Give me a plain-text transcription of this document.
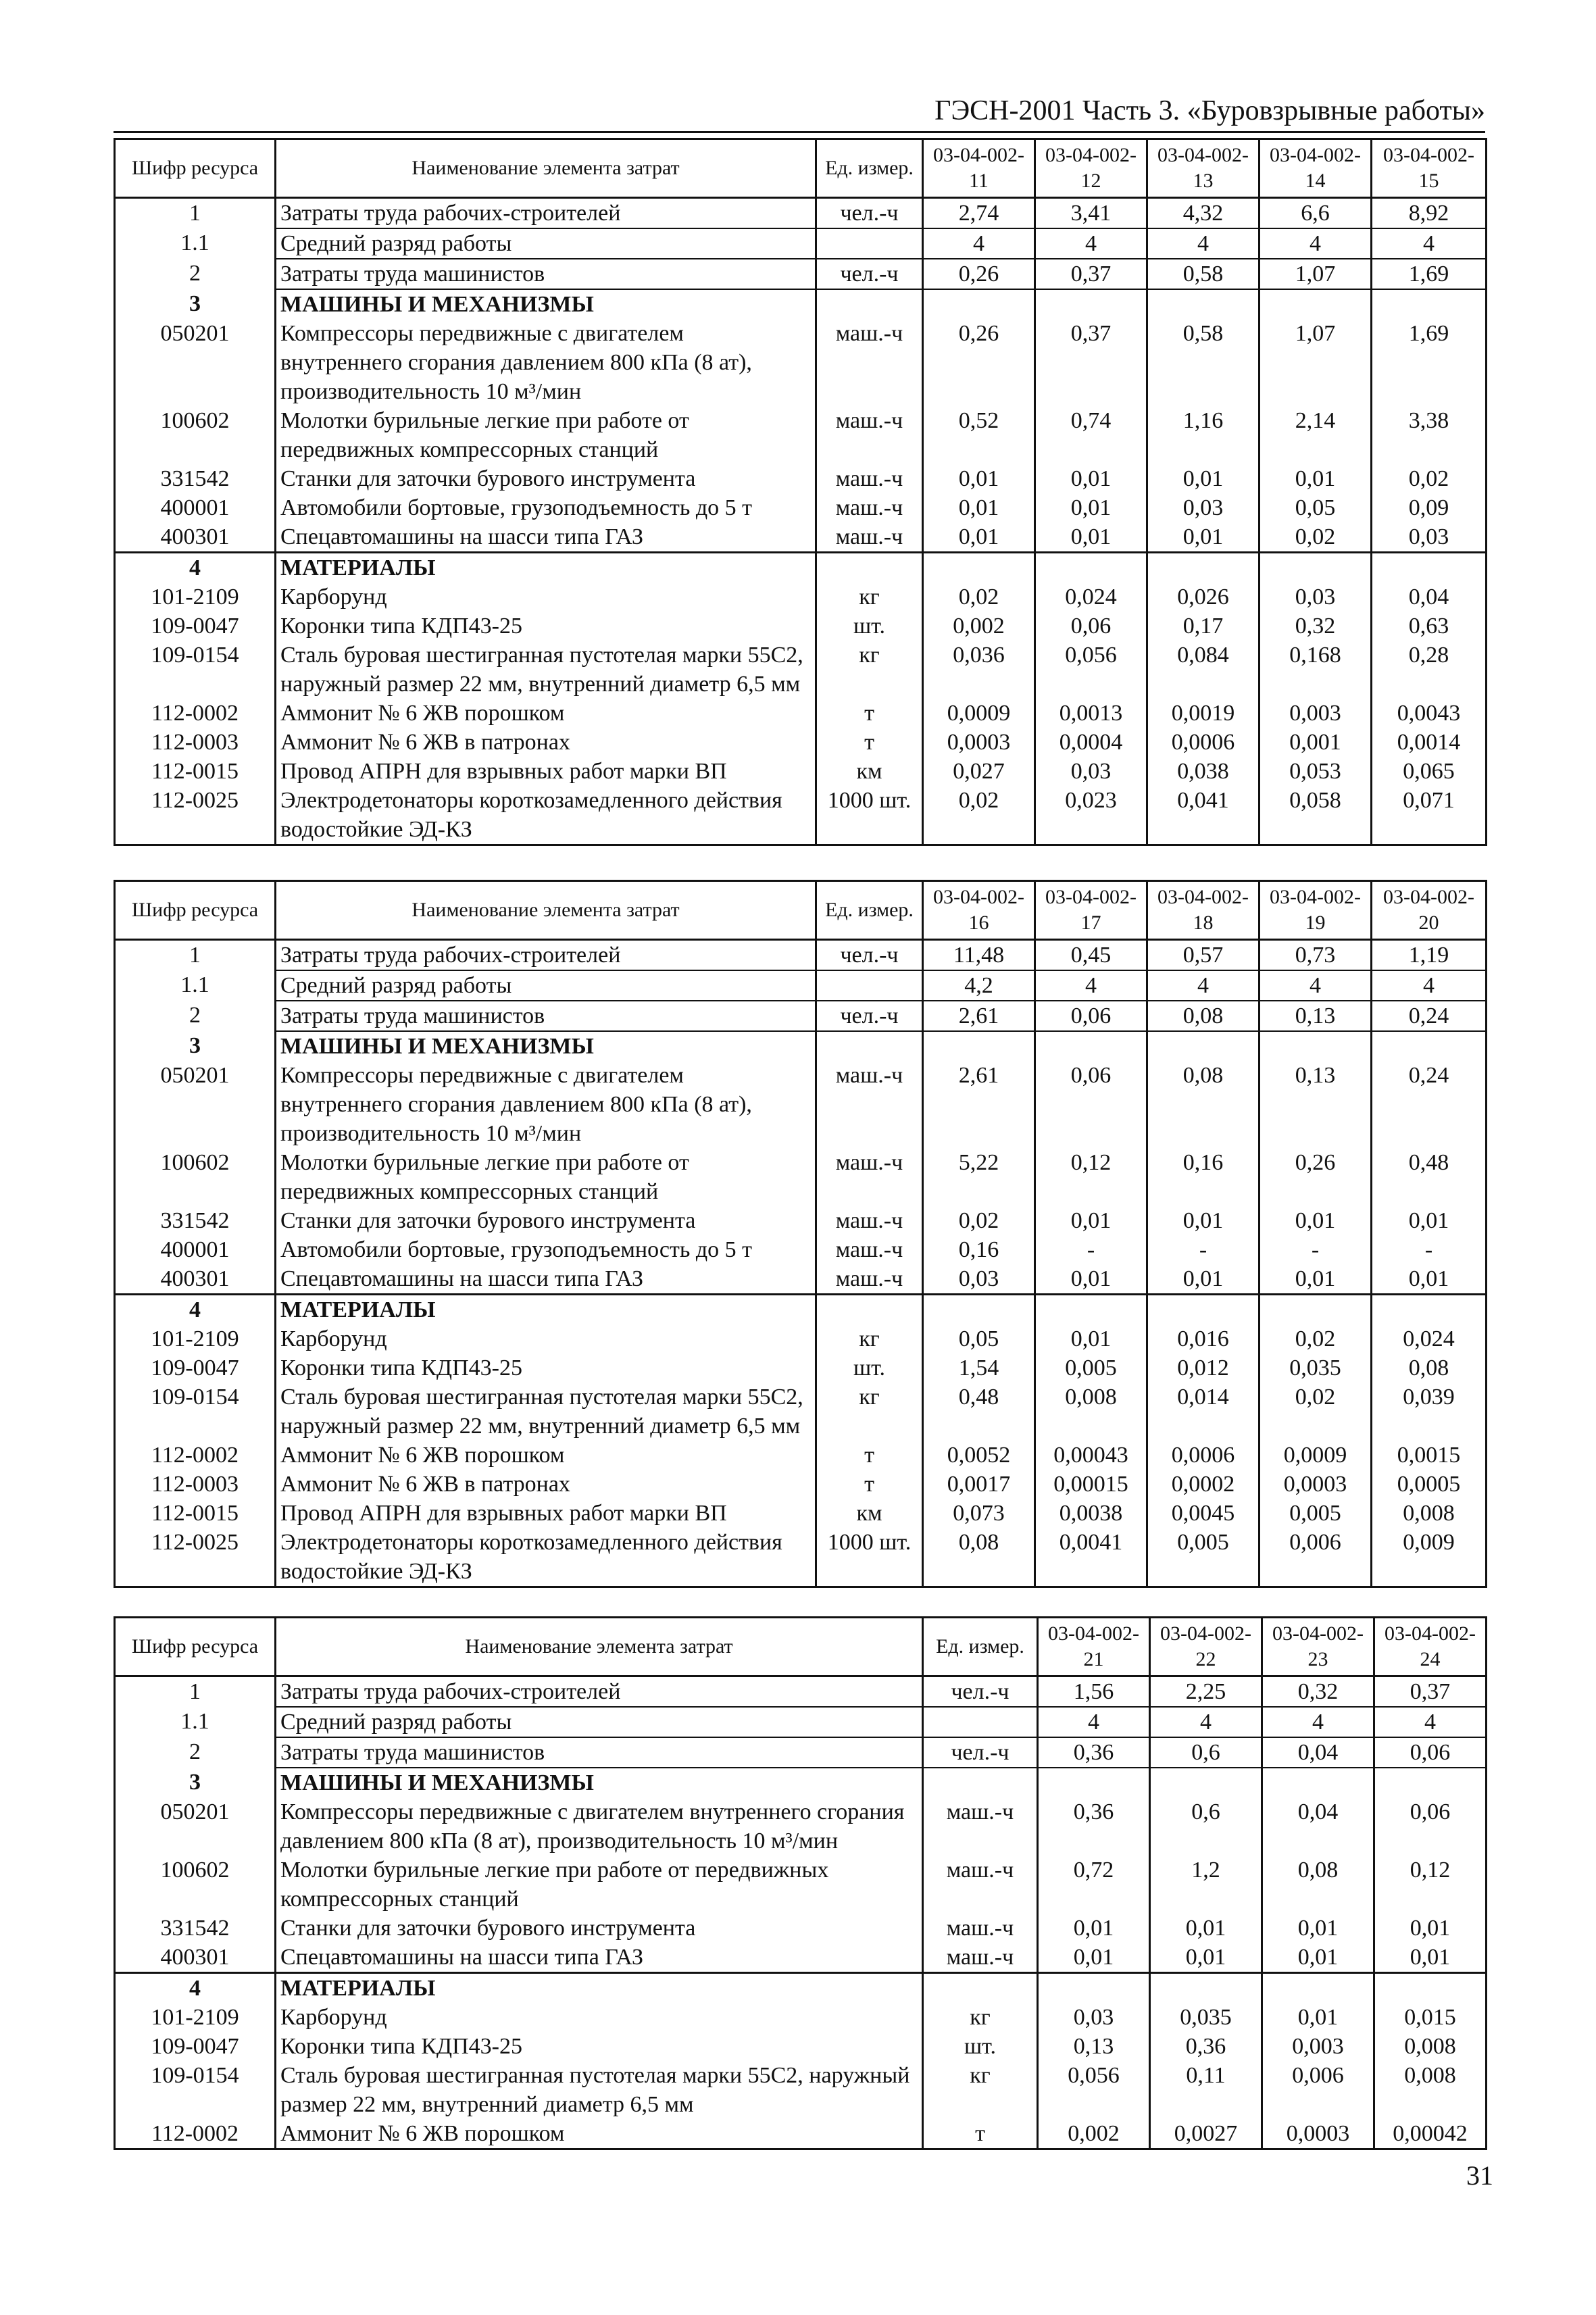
ГЭСН-2001 Часть 3. «Буровзрывные работы»
Шифр ресурса	Наименование элемента затрат	Ед. измер.	03-04-002-11	03-04-002-12	03-04-002-13	03-04-002-14	03-04-002-15
1	Затраты труда рабочих-строителей	чел.-ч	2,74	3,41	4,32	6,6	8,92
1.1	Средний разряд работы		4	4	4	4	4
2	Затраты труда машинистов	чел.-ч	0,26	0,37	0,58	1,07	1,69
3	МАШИНЫ И МЕХАНИЗМЫ						
050201	Компрессоры передвижные с двигателем внутреннего сгорания давлением 800 кПа (8 ат), производительность 10 м³/мин	маш.-ч	0,26	0,37	0,58	1,07	1,69
100602	Молотки бурильные легкие при работе от передвижных компрессорных станций	маш.-ч	0,52	0,74	1,16	2,14	3,38
331542	Станки для заточки бурового инструмента	маш.-ч	0,01	0,01	0,01	0,01	0,02
400001	Автомобили бортовые, грузоподъемность до 5 т	маш.-ч	0,01	0,01	0,03	0,05	0,09
400301	Спецавтомашины на шасси типа ГАЗ	маш.-ч	0,01	0,01	0,01	0,02	0,03
4	МАТЕРИАЛЫ						
101-2109	Карборунд	кг	0,02	0,024	0,026	0,03	0,04
109-0047	Коронки типа КДП43-25	шт.	0,002	0,06	0,17	0,32	0,63
109-0154	Сталь буровая шестигранная пустотелая марки 55С2, наружный размер 22 мм, внутренний диаметр 6,5 мм	кг	0,036	0,056	0,084	0,168	0,28
112-0002	Аммонит № 6 ЖВ порошком	т	0,0009	0,0013	0,0019	0,003	0,0043
112-0003	Аммонит № 6 ЖВ в патронах	т	0,0003	0,0004	0,0006	0,001	0,0014
112-0015	Провод АПРН для взрывных работ марки ВП	км	0,027	0,03	0,038	0,053	0,065
112-0025	Электродетонаторы короткозамедленного действия водостойкие ЭД-КЗ	1000 шт.	0,02	0,023	0,041	0,058	0,071
Шифр ресурса	Наименование элемента затрат	Ед. измер.	03-04-002-16	03-04-002-17	03-04-002-18	03-04-002-19	03-04-002-20
1	Затраты труда рабочих-строителей	чел.-ч	11,48	0,45	0,57	0,73	1,19
1.1	Средний разряд работы		4,2	4	4	4	4
2	Затраты труда машинистов	чел.-ч	2,61	0,06	0,08	0,13	0,24
3	МАШИНЫ И МЕХАНИЗМЫ						
050201	Компрессоры передвижные с двигателем внутреннего сгорания давлением 800 кПа (8 ат), производительность 10 м³/мин	маш.-ч	2,61	0,06	0,08	0,13	0,24
100602	Молотки бурильные легкие при работе от передвижных компрессорных станций	маш.-ч	5,22	0,12	0,16	0,26	0,48
331542	Станки для заточки бурового инструмента	маш.-ч	0,02	0,01	0,01	0,01	0,01
400001	Автомобили бортовые, грузоподъемность до 5 т	маш.-ч	0,16	-	-	-	-
400301	Спецавтомашины на шасси типа ГАЗ	маш.-ч	0,03	0,01	0,01	0,01	0,01
4	МАТЕРИАЛЫ						
101-2109	Карборунд	кг	0,05	0,01	0,016	0,02	0,024
109-0047	Коронки типа КДП43-25	шт.	1,54	0,005	0,012	0,035	0,08
109-0154	Сталь буровая шестигранная пустотелая марки 55С2, наружный размер 22 мм, внутренний диаметр 6,5 мм	кг	0,48	0,008	0,014	0,02	0,039
112-0002	Аммонит № 6 ЖВ порошком	т	0,0052	0,00043	0,0006	0,0009	0,0015
112-0003	Аммонит № 6 ЖВ в патронах	т	0,0017	0,00015	0,0002	0,0003	0,0005
112-0015	Провод АПРН для взрывных работ марки ВП	км	0,073	0,0038	0,0045	0,005	0,008
112-0025	Электродетонаторы короткозамедленного действия водостойкие ЭД-КЗ	1000 шт.	0,08	0,0041	0,005	0,006	0,009
Шифр ресурса	Наименование элемента затрат	Ед. измер.	03-04-002-21	03-04-002-22	03-04-002-23	03-04-002-24
1	Затраты труда рабочих-строителей	чел.-ч	1,56	2,25	0,32	0,37
1.1	Средний разряд работы		4	4	4	4
2	Затраты труда машинистов	чел.-ч	0,36	0,6	0,04	0,06
3	МАШИНЫ И МЕХАНИЗМЫ					
050201	Компрессоры передвижные с двигателем внутреннего сгорания давлением 800 кПа (8 ат), производительность 10 м³/мин	маш.-ч	0,36	0,6	0,04	0,06
100602	Молотки бурильные легкие при работе от передвижных компрессорных станций	маш.-ч	0,72	1,2	0,08	0,12
331542	Станки для заточки бурового инструмента	маш.-ч	0,01	0,01	0,01	0,01
400301	Спецавтомашины на шасси типа ГАЗ	маш.-ч	0,01	0,01	0,01	0,01
4	МАТЕРИАЛЫ					
101-2109	Карборунд	кг	0,03	0,035	0,01	0,015
109-0047	Коронки типа КДП43-25	шт.	0,13	0,36	0,003	0,008
109-0154	Сталь буровая шестигранная пустотелая марки 55С2, наружный размер 22 мм, внутренний диаметр 6,5 мм	кг	0,056	0,11	0,006	0,008
112-0002	Аммонит № 6 ЖВ порошком	т	0,002	0,0027	0,0003	0,00042
31
